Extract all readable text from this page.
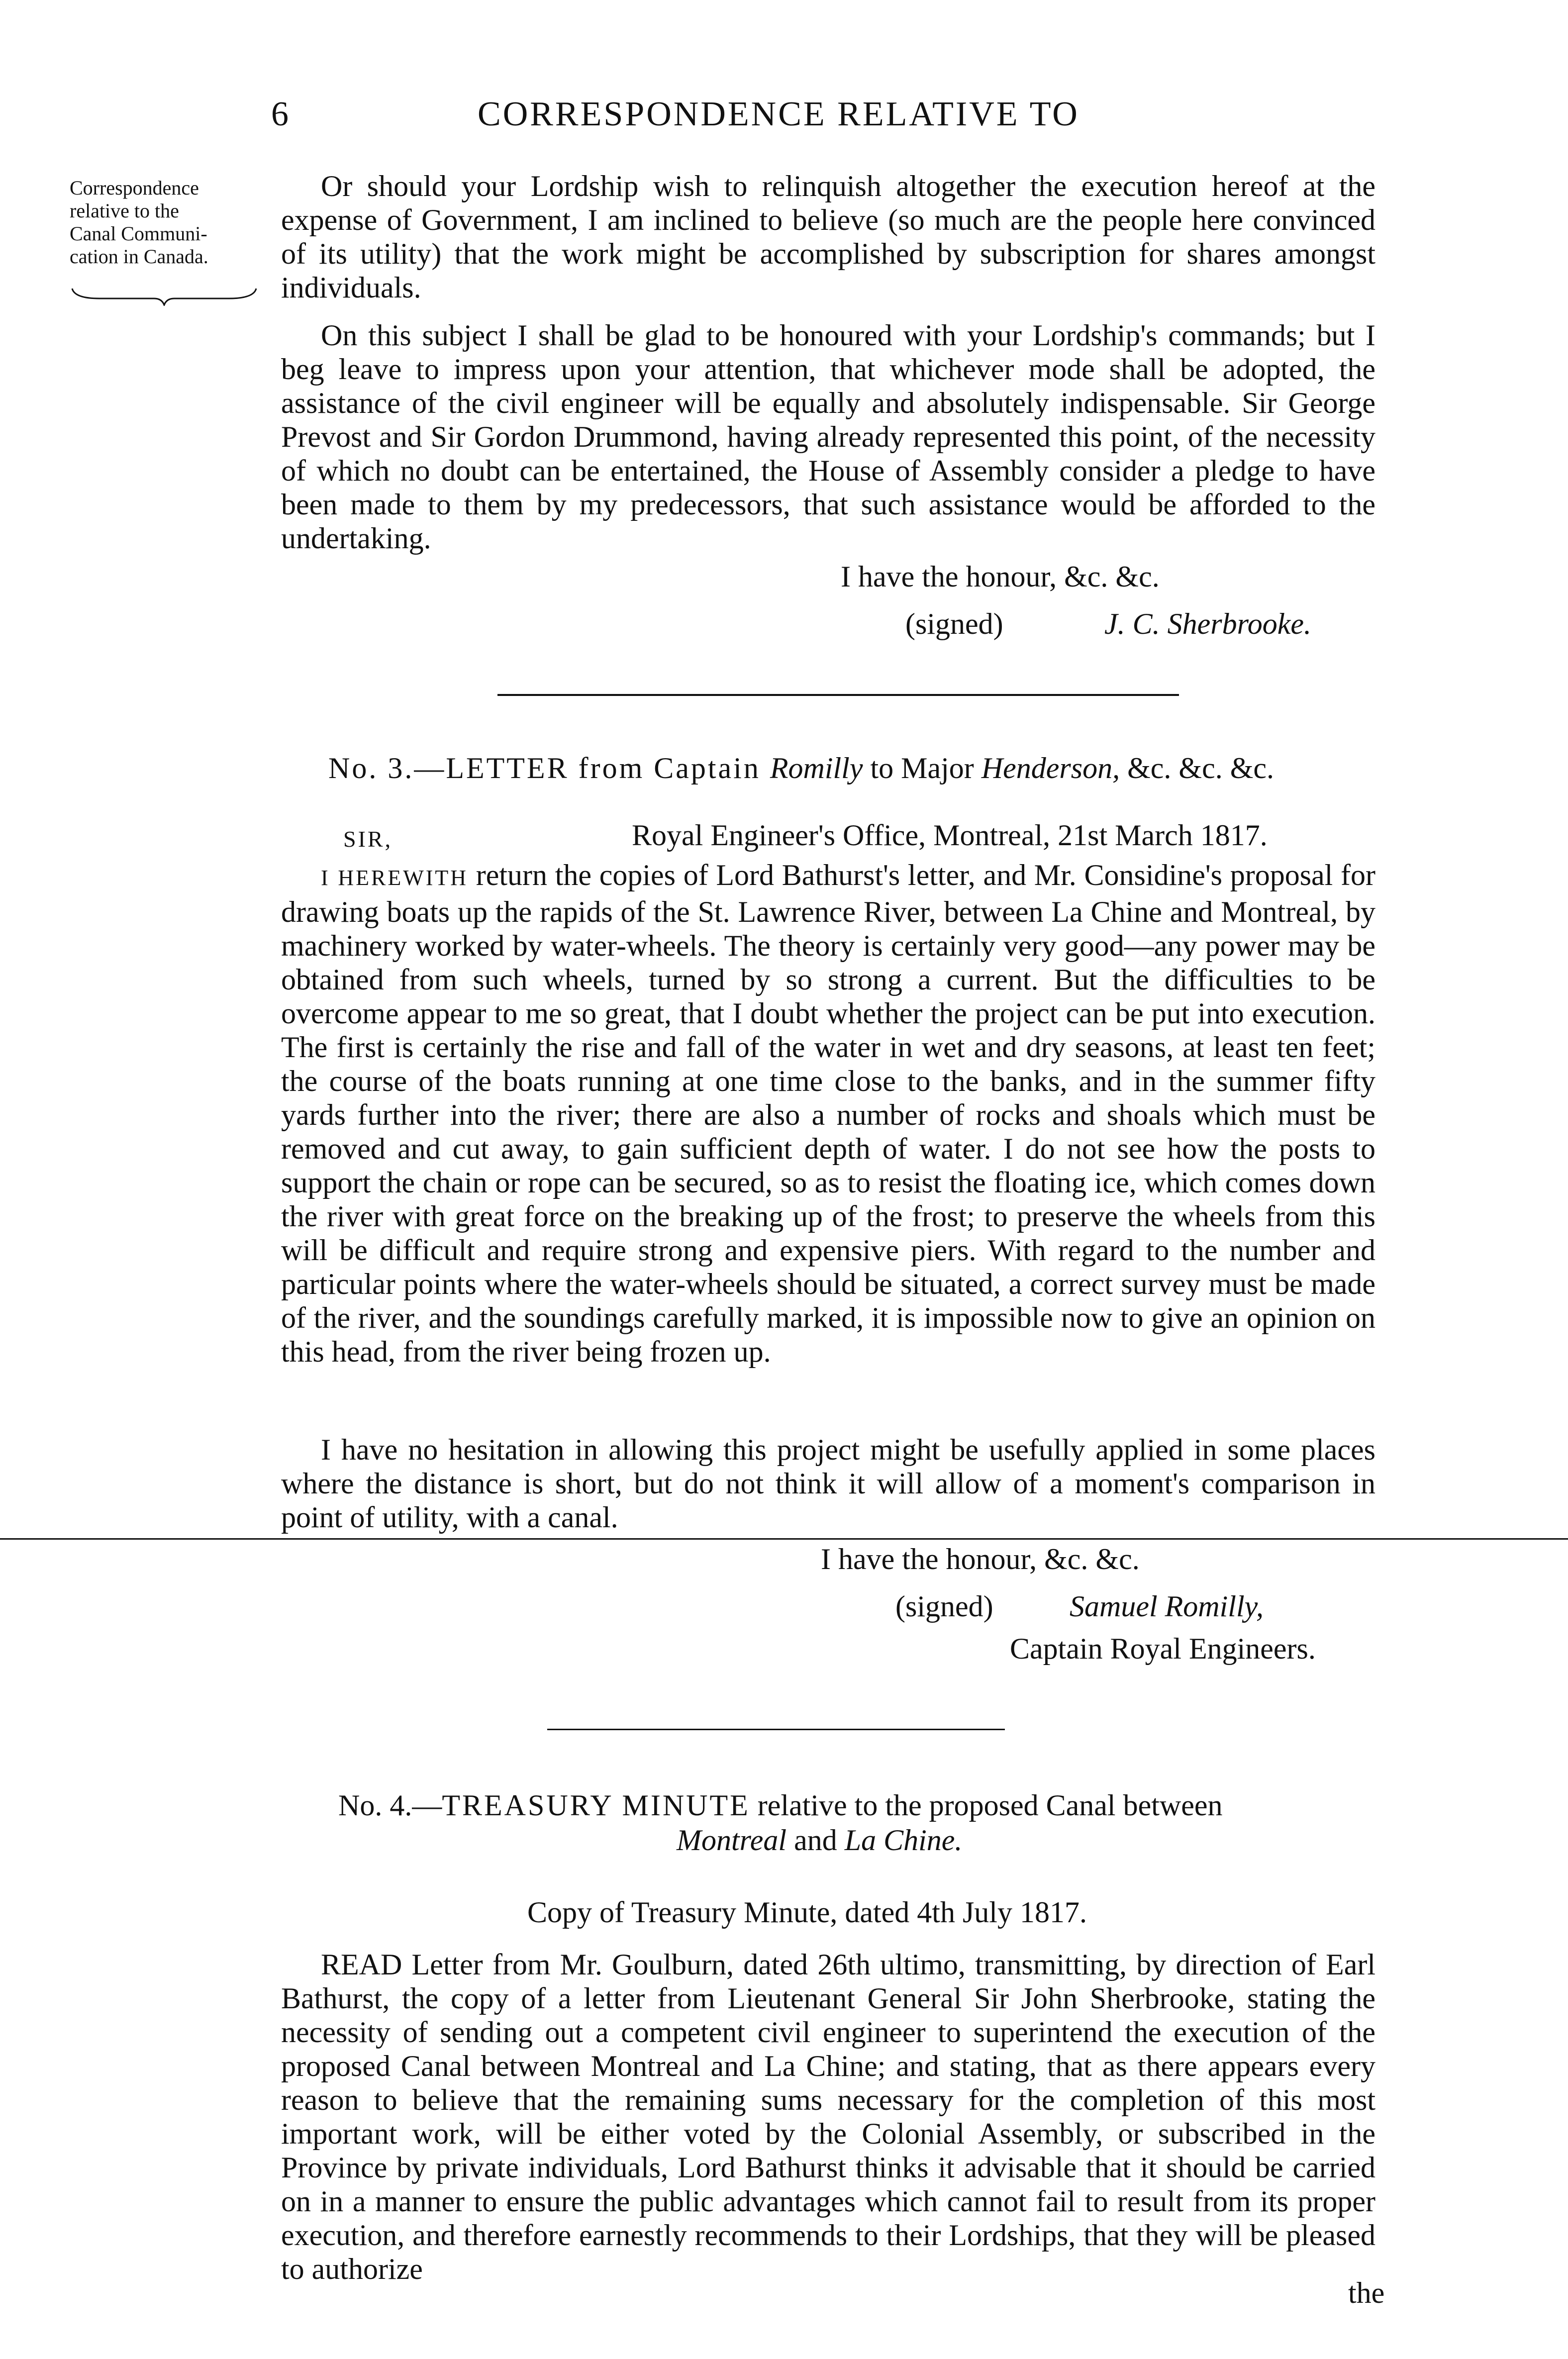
6	CORRESPONDENCE RELATIVE TO
Correspondence
relative to the
Canal Communi-
cation in Canada.
Or should your Lordship wish to relinquish altogether the execution hereof at the expense of Government, I am inclined to believe (so much are the people here convinced of its utility) that the work might be accomplished by subscription for shares amongst individuals.
On this subject I shall be glad to be honoured with your Lordship's commands; but I beg leave to impress upon your attention, that whichever mode shall be adopted, the assistance of the civil engineer will be equally and absolutely indispensable. Sir George Prevost and Sir Gordon Drummond, having already represented this point, of the necessity of which no doubt can be entertained, the House of Assembly consider a pledge to have been made to them by my predecessors, that such assistance would be afforded to the undertaking.
I have the honour, &c. &c.
(signed)	J. C. Sherbrooke.
No. 3.—LETTER from Captain Romilly to Major Henderson, &c. &c. &c.
SIR,	Royal Engineer's Office, Montreal, 21st March 1817.
I HEREWITH return the copies of Lord Bathurst's letter, and Mr. Considine's proposal for drawing boats up the rapids of the St. Lawrence River, between La Chine and Montreal, by machinery worked by water-wheels. The theory is certainly very good—any power may be obtained from such wheels, turned by so strong a current. But the difficulties to be overcome appear to me so great, that I doubt whether the project can be put into execution. The first is certainly the rise and fall of the water in wet and dry seasons, at least ten feet; the course of the boats running at one time close to the banks, and in the summer fifty yards further into the river; there are also a number of rocks and shoals which must be removed and cut away, to gain sufficient depth of water. I do not see how the posts to support the chain or rope can be secured, so as to resist the floating ice, which comes down the river with great force on the breaking up of the frost; to preserve the wheels from this will be difficult and require strong and expensive piers. With regard to the number and particular points where the water-wheels should be situated, a correct survey must be made of the river, and the soundings carefully marked, it is impossible now to give an opinion on this head, from the river being frozen up.
I have no hesitation in allowing this project might be usefully applied in some places where the distance is short, but do not think it will allow of a moment's comparison in point of utility, with a canal.
I have the honour, &c. &c.
(signed)	Samuel Romilly,
Captain Royal Engineers.
No. 4.—TREASURY MINUTE relative to the proposed Canal between
Montreal and La Chine.
Copy of Treasury Minute, dated 4th July 1817.
READ Letter from Mr. Goulburn, dated 26th ultimo, transmitting, by direction of Earl Bathurst, the copy of a letter from Lieutenant General Sir John Sherbrooke, stating the necessity of sending out a competent civil engineer to superintend the execution of the proposed Canal between Montreal and La Chine; and stating, that as there appears every reason to believe that the remaining sums necessary for the completion of this most important work, will be either voted by the Colonial Assembly, or subscribed in the Province by private individuals, Lord Bathurst thinks it advisable that it should be carried on in a manner to ensure the public advantages which cannot fail to result from its proper execution, and therefore earnestly recommends to their Lordships, that they will be pleased to authorize
the
